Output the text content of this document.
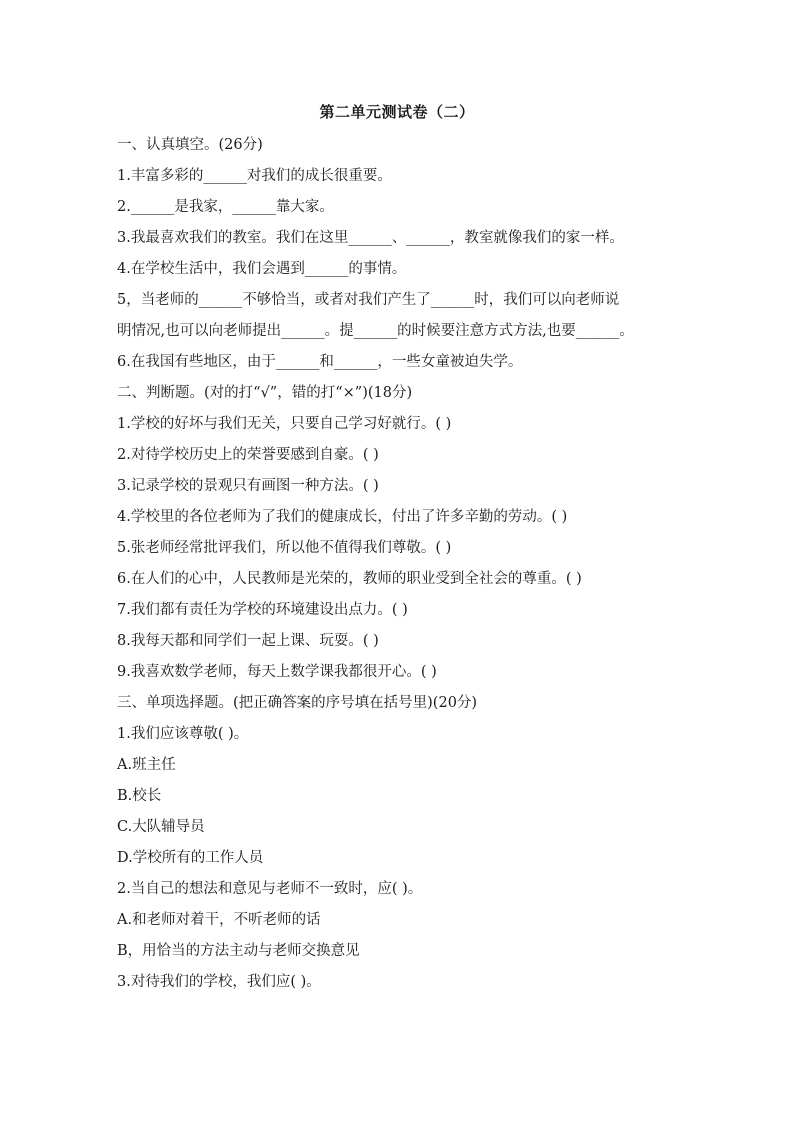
第二单元测试卷（二）
一、认真填空。(26分)
1.丰富多彩的______对我们的成长很重要。
2.______是我家，______靠大家。
3.我最喜欢我们的教室。我们在这里______、______，教室就像我们的家一样。
4.在学校生活中，我们会遇到______的事情。
5，当老师的______不够恰当，或者对我们产生了______时，我们可以向老师说
明情况,也可以向老师提出______。提______的时候要注意方式方法,也要______。
6.在我国有些地区，由于______和______，一些女童被迫失学。
二、判断题。(对的打“√”，错的打“×”)(18分)
1.学校的好坏与我们无关，只要自己学习好就行。( )
2.对待学校历史上的荣誉要感到自豪。( )
3.记录学校的景观只有画图一种方法。( )
4.学校里的各位老师为了我们的健康成长，付出了许多辛勤的劳动。( )
5.张老师经常批评我们，所以他不值得我们尊敬。( )
6.在人们的心中，人民教师是光荣的，教师的职业受到全社会的尊重。( )
7.我们都有责任为学校的环境建设出点力。( )
8.我每天都和同学们一起上课、玩耍。( )
9.我喜欢数学老师，每天上数学课我都很开心。( )
三、单项选择题。(把正确答案的序号填在括号里)(20分)
1.我们应该尊敬( )。
A.班主任
B.校长
C.大队辅导员
D.学校所有的工作人员
2.当自己的想法和意见与老师不一致时，应( )。
A.和老师对着干，不听老师的话
B，用恰当的方法主动与老师交换意见
3.对待我们的学校，我们应( )。
